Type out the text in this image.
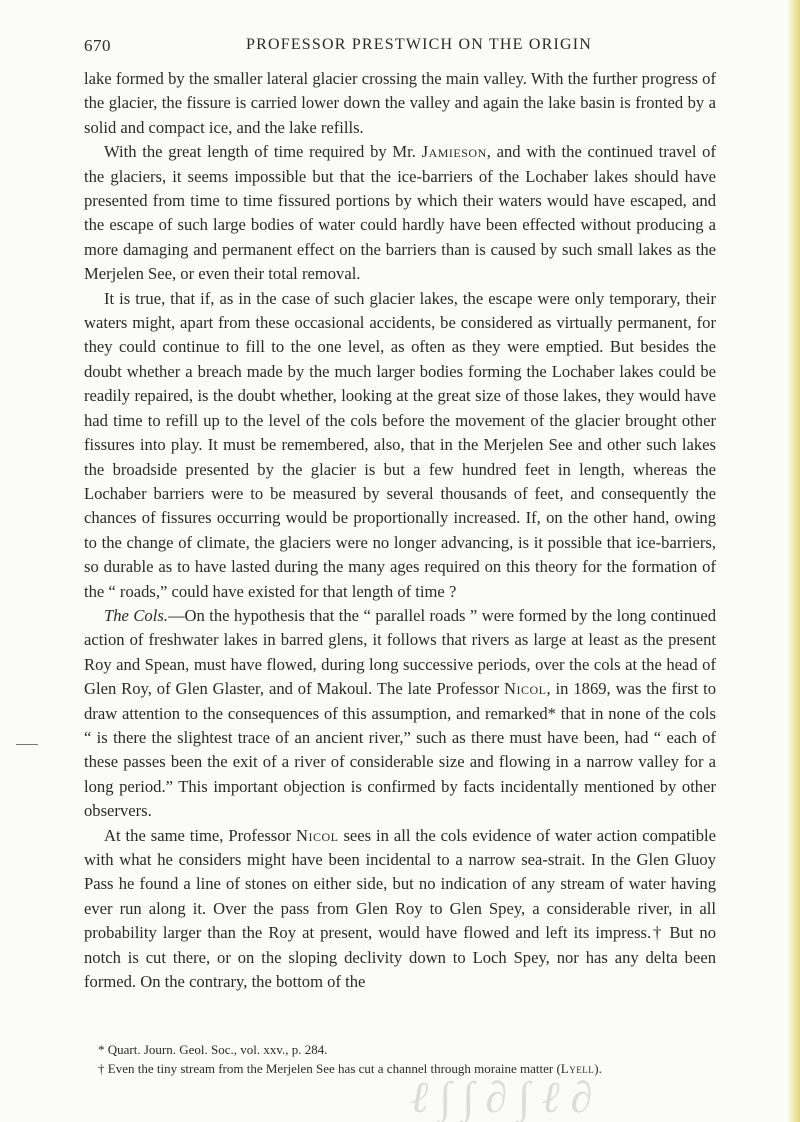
670	PROFESSOR PRESTWICH ON THE ORIGIN

lake formed by the smaller lateral glacier crossing the main valley. With the further progress of the glacier, the fissure is carried lower down the valley and again the lake basin is fronted by a solid and compact ice, and the lake refills.

With the great length of time required by Mr. Jamieson, and with the continued travel of the glaciers, it seems impossible but that the ice-barriers of the Lochaber lakes should have presented from time to time fissured portions by which their waters would have escaped, and the escape of such large bodies of water could hardly have been effected without producing a more damaging and permanent effect on the barriers than is caused by such small lakes as the Merjelen See, or even their total removal.

It is true, that if, as in the case of such glacier lakes, the escape were only temporary, their waters might, apart from these occasional accidents, be considered as virtually permanent, for they could continue to fill to the one level, as often as they were emptied. But besides the doubt whether a breach made by the much larger bodies forming the Lochaber lakes could be readily repaired, is the doubt whether, looking at the great size of those lakes, they would have had time to refill up to the level of the cols before the movement of the glacier brought other fissures into play. It must be remembered, also, that in the Merjelen See and other such lakes the broadside presented by the glacier is but a few hundred feet in length, whereas the Lochaber barriers were to be measured by several thousands of feet, and consequently the chances of fissures occurring would be proportionally increased. If, on the other hand, owing to the change of climate, the glaciers were no longer advancing, is it possible that ice-barriers, so durable as to have lasted during the many ages required on this theory for the formation of the “ roads,” could have existed for that length of time ?

The Cols.—On the hypothesis that the “ parallel roads ” were formed by the long continued action of freshwater lakes in barred glens, it follows that rivers as large at least as the present Roy and Spean, must have flowed, during long successive periods, over the cols at the head of Glen Roy, of Glen Glaster, and of Makoul. The late Professor Nicol, in 1869, was the first to draw attention to the consequences of this assumption, and remarked* that in none of the cols “ is there the slightest trace of an ancient river,” such as there must have been, had “ each of these passes been the exit of a river of considerable size and flowing in a narrow valley for a long period.” This important objection is confirmed by facts incidentally mentioned by other observers.

At the same time, Professor Nicol sees in all the cols evidence of water action compatible with what he considers might have been incidental to a narrow sea-strait. In the Glen Gluoy Pass he found a line of stones on either side, but no indication of any stream of water having ever run along it. Over the pass from Glen Roy to Glen Spey, a considerable river, in all probability larger than the Roy at present, would have flowed and left its impress.† But no notch is cut there, or on the sloping declivity down to Loch Spey, nor has any delta been formed. On the contrary, the bottom of the

* Quart. Journ. Geol. Soc., vol. xxv., p. 284.

† Even the tiny stream from the Merjelen See has cut a channel through moraine matter (Lyell).

ℓ ∫ ∫ ∂ ∫ ℓ ∂
